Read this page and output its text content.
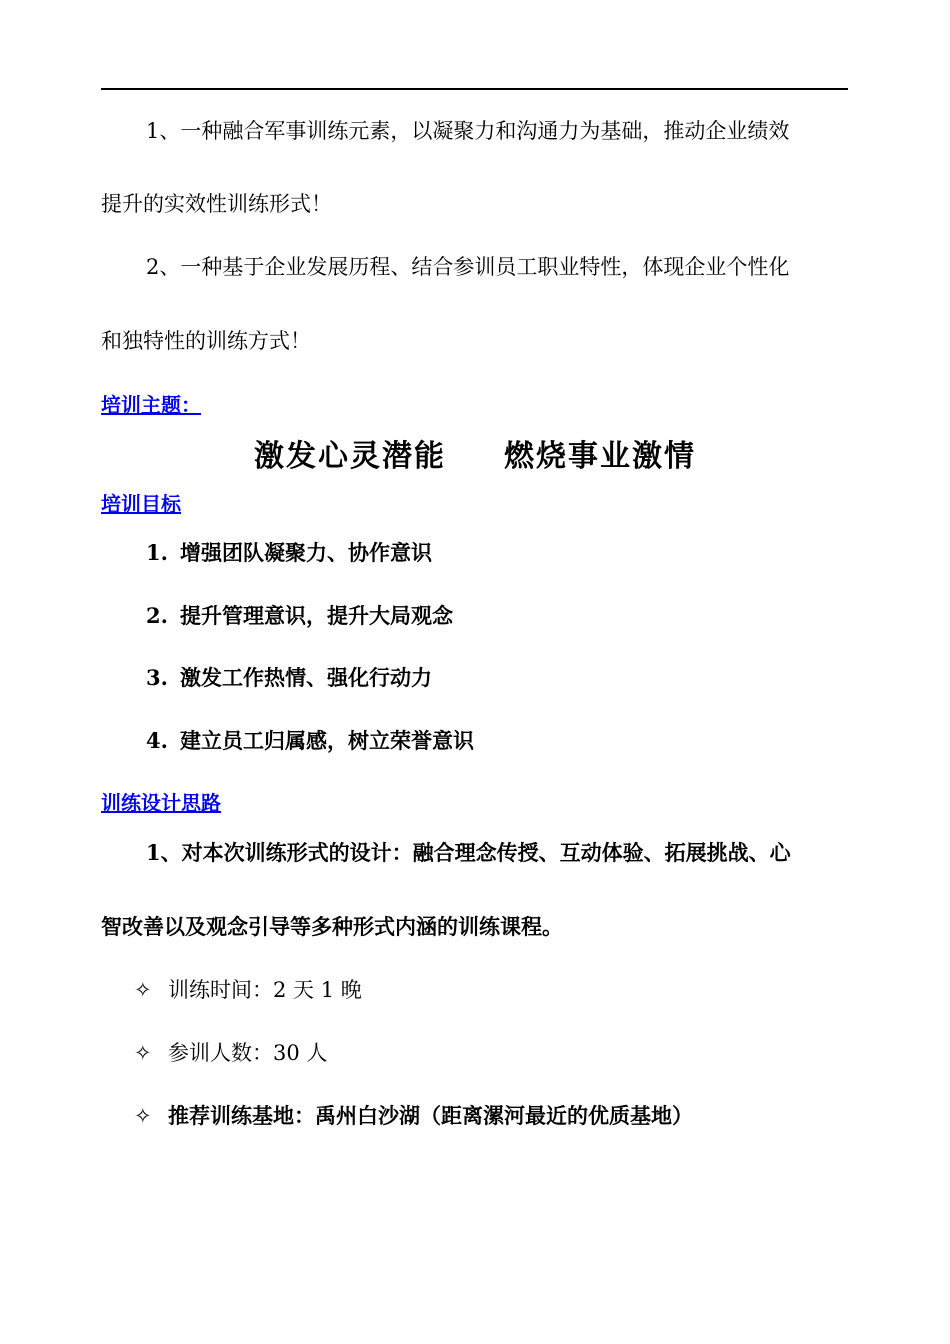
1、一种融合军事训练元素，以凝聚力和沟通力为基础，推动企业绩效
提升的实效性训练形式！
2、一种基于企业发展历程、结合参训员工职业特性，体现企业个性化
和独特性的训练方式！
培训主题：
激发心灵潜能 燃烧事业激情
培训目标
1. 增强团队凝聚力、协作意识
2. 提升管理意识，提升大局观念
3. 激发工作热情、强化行动力
4. 建立员工归属感，树立荣誉意识
训练设计思路
1、对本次训练形式的设计：融合理念传授、互动体验、拓展挑战、心
智改善以及观念引导等多种形式内涵的训练课程。
✧ 训练时间：2 天 1 晚
✧ 参训人数：30 人
✧ 推荐训练基地：禹州白沙湖（距离漯河最近的优质基地）
